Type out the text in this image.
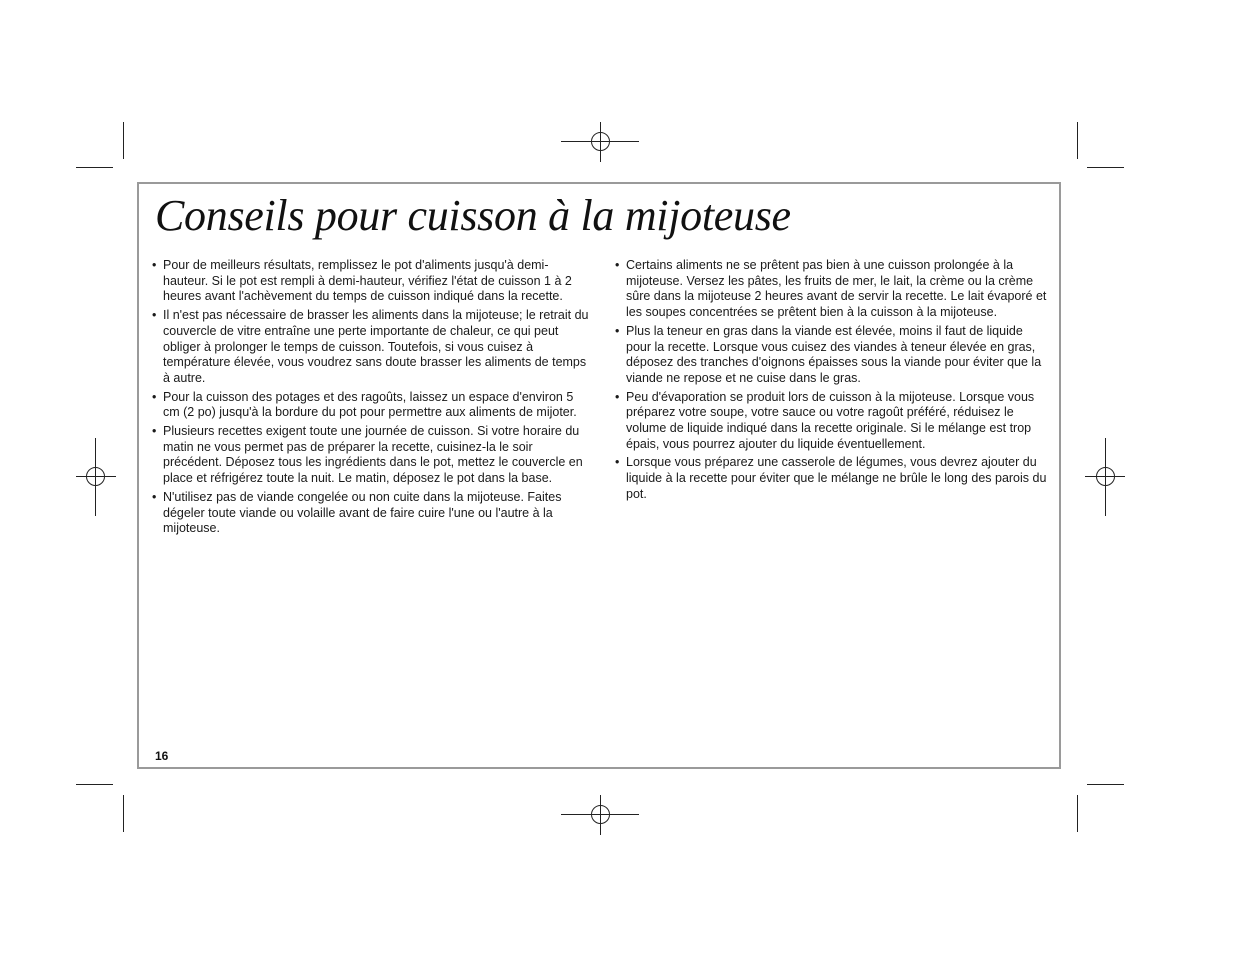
Conseils pour cuisson à la mijoteuse
• Pour de meilleurs résultats, remplissez le pot d'aliments jusqu'à demi-hauteur. Si le pot est rempli à demi-hauteur, vérifiez l'état de cuisson 1 à 2 heures avant l'achèvement du temps de cuisson indiqué dans la recette.
• Il n'est pas nécessaire de brasser les aliments dans la mijoteuse; le retrait du couvercle de vitre entraîne une perte importante de chaleur, ce qui peut obliger à prolonger le temps de cuisson. Toutefois, si vous cuisez à température élevée, vous voudrez sans doute brasser les aliments de temps à autre.
• Pour la cuisson des potages et des ragoûts, laissez un espace d'environ 5 cm (2 po) jusqu'à la bordure du pot pour permettre aux aliments de mijoter.
• Plusieurs recettes exigent toute une journée de cuisson. Si votre horaire du matin ne vous permet pas de préparer la recette, cuisinez-la le soir précédent. Déposez tous les ingrédients dans le pot, mettez le couvercle en place et réfrigérez toute la nuit. Le matin, déposez le pot dans la base.
• N'utilisez pas de viande congelée ou non cuite dans la mijoteuse. Faites dégeler toute viande ou volaille avant de faire cuire l'une ou l'autre à la mijoteuse.
• Certains aliments ne se prêtent pas bien à une cuisson prolongée à la mijoteuse. Versez les pâtes, les fruits de mer, le lait, la crème ou la crème sûre dans la mijoteuse 2 heures avant de servir la recette. Le lait évaporé et les soupes concentrées se prêtent bien à la cuisson à la mijoteuse.
• Plus la teneur en gras dans la viande est élevée, moins il faut de liquide pour la recette. Lorsque vous cuisez des viandes à teneur élevée en gras, déposez des tranches d'oignons épaisses sous la viande pour éviter que la viande ne repose et ne cuise dans le gras.
• Peu d'évaporation se produit lors de cuisson à la mijoteuse. Lorsque vous préparez votre soupe, votre sauce ou votre ragoût préféré, réduisez le volume de liquide indiqué dans la recette originale. Si le mélange est trop épais, vous pourrez ajouter du liquide éventuellement.
• Lorsque vous préparez une casserole de légumes, vous devrez ajouter du liquide à la recette pour éviter que le mélange ne brûle le long des parois du pot.
16
